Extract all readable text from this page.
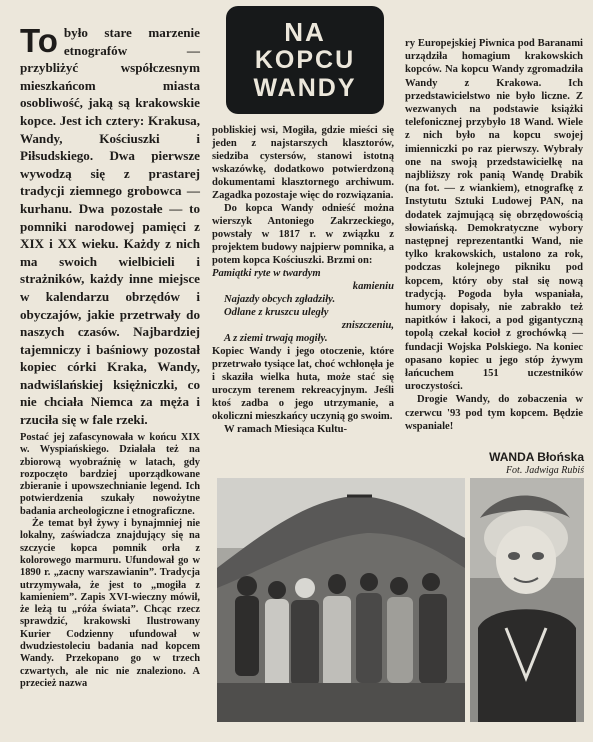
To było stare marzenie etnografów — przybliżyć współczesnym mieszkańcom miasta osobliwość, jaką są krakowskie kopce. Jest ich cztery: Krakusa, Wandy, Kościuszki i Piłsudskiego. Dwa pierwsze wywodzą się z prastarej tradycji ziemnego grobowca — kurhanu. Dwa pozostałe — to pomniki narodowej pamięci z XIX i XX wieku. Każdy z nich ma swoich wielbicieli i strażników, każdy inne miejsce w kalendarzu obrzędów i obyczajów, jakie przetrwały do naszych czasów. Najbardziej tajemniczy i baśniowy pozostał kopiec córki Kraka, Wandy, nadwiślańskiej księżniczki, co nie chciała Niemca za męża i rzuciła się w fale rzeki.

Postać jej zafascynowała w końcu XIX w. Wyspiańskiego. Działała też na zbiorową wyobraźnię w latach, gdy rozpoczęto bardziej uporządkowane zbieranie i upowszechnianie legend. Ich potwierdzenia szukały nowożytne badania archeologiczne i etnograficzne.

Że temat był żywy i bynajmniej nie lokalny, zaświadcza znajdujący się na szczycie kopca pomnik orła z kolorowego marmuru. Ufundował go w 1890 r. „zacny warszawianin”. Tradycja utrzymywała, że jest to „mogiła z kamieniem”. Zapis XVI-wieczny mówił, że leżą tu „róża świata”. Chcąc rzecz sprawdzić, krakowski Ilustrowany Kurier Codzienny ufundował w dwudziestoleciu badania nad kopcem Wandy. Przekopano go w trzech czwartych, ale nic nie znaleziono. A przecież nazwa

NA
KOPCU
WANDY

pobliskiej wsi, Mogiła, gdzie mieści się jeden z najstarszych klasztorów, siedziba cystersów, stanowi istotną wskazówkę, dodatkowo potwierdzoną dokumentami klasztornego archiwum. Zagadka pozostaje więc do rozwiązania.

Do kopca Wandy odnieść można wierszyk Antoniego Zakrzeckiego, powstały w 1817 r. w związku z projektem budowy najpierw pomnika, a potem kopca Kościuszki. Brzmi on:

Pamiątki ryte w twardym

kamieniu

Najazdy obcych zgładziły.

Odlane z kruszcu uległy

zniszczeniu,

A z ziemi trwają mogiły.

Kopiec Wandy i jego otoczenie, które przetrwało tysiące lat, choć wchłonęła je i skaziła wielka huta, może stać się uroczym terenem rekreacyjnym. Jeśli ktoś zadba o jego utrzymanie, a okoliczni mieszkańcy uczynią go swoim.

W ramach Miesiąca Kultu-

ry Europejskiej Piwnica pod Baranami urządziła homagium krakowskich kopców. Na kopcu Wandy zgromadziła Wandy z Krakowa. Ich przedstawicielstwo nie było liczne. Z wezwanych na podstawie książki telefonicznej przybyło 18 Wand. Wiele z nich było na kopcu swojej imienniczki po raz pierwszy. Wybrały one na swoją przedstawicielkę na najbliższy rok panią Wandę Drabik (na fot. — z wiankiem), etnografkę z Instytutu Sztuki Ludowej PAN, na dodatek zajmującą się obrzędowością słowiańską. Demokratyczne wybory następnej reprezentantki Wand, nie tylko krakowskich, ustalono za rok, podczas kolejnego pikniku pod kopcem, który oby stał się nową tradycją. Pogoda była wspaniała, humory dopisały, nie zabrakło też napitków i łakoci, a pod gigantyczną topolą czekał kocioł z grochówką — fundacji Wojska Polskiego. Na koniec opasano kopiec u jego stóp żywym łańcuchem 151 uczestników uroczystości.

Drogie Wandy, do zobaczenia w czerwcu '93 pod tym kopcem. Będzie wspaniale!

WANDA Błońska
Fot. Jadwiga Rubiś
